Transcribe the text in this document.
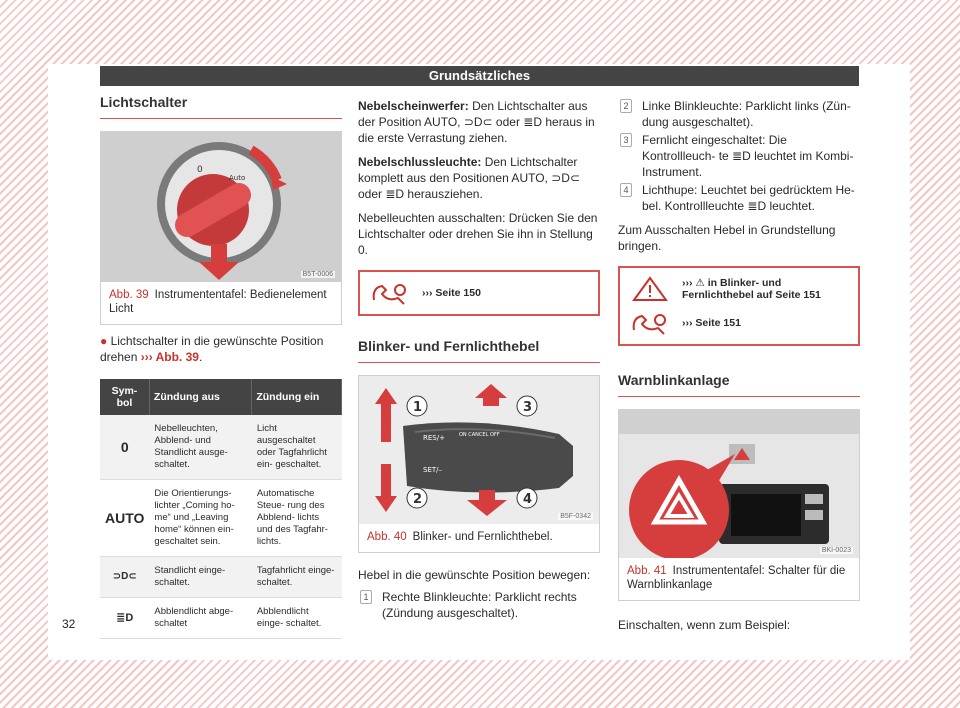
Grundsätzliches
Lichtschalter
0
Auto
B5T-0006
Abb. 39 Instrumententafel: Bedienelement Licht

● Lichtschalter in die gewünschte Position drehen ››› Abb. 39.

Sym- bol	Zündung aus	Zündung ein
0	Nebelleuchten, Abblend- und Standlicht ausge- schaltet.	Licht ausgeschaltet oder Tagfahrlicht ein- geschaltet.
AUTO	Die Orientierungs- lichter „Coming ho- me“ und „Leaving home“ können ein- geschaltet sein.	Automatische Steue- rung des Abblend- lichts und des Tagfahr- lichts.
⊃D⊂	Standlicht einge- schaltet.	Tagfahrlicht einge- schaltet.
≣D	Abblendlicht abge- schaltet	Abblendlicht einge- schaltet.

Nebelscheinwerfer: Den Lichtschalter aus der Position AUTO, ⊃D⊂ oder ≣D heraus in die erste Verrastung ziehen.

Nebelschlussleuchte: Den Lichtschalter komplett aus den Positionen AUTO, ⊃D⊂ oder ≣D herausziehen.

Nebelleuchten ausschalten: Drücken Sie den Lichtschalter oder drehen Sie ihn in Stellung 0.

››› Seite 150
Blinker- und Fernlichthebel
RES/+	ON CANCEL OFF
SET/–
1
2
3
4
B5F-0342
Abb. 40 Blinker- und Fernlichthebel.

Hebel in die gewünschte Position bewegen:

1	Rechte Blinkleuchte: Parklicht rechts (Zündung ausgeschaltet).
2	Linke Blinkleuchte: Parklicht links (Zün- dung ausgeschaltet).
3	Fernlicht eingeschaltet: Die Kontrollleuch- te ≣D leuchtet im Kombi-Instrument.
4	Lichthupe: Leuchtet bei gedrücktem He- bel. Kontrollleuchte ≣D leuchtet.

Zum Ausschalten Hebel in Grundstellung bringen.

››› ⚠ in Blinker- und Fernlichthebel auf Seite 151
››› Seite 151
Warnblinkanlage
BKI-0023
Abb. 41 Instrumententafel: Schalter für die Warnblinkanlage

Einschalten, wenn zum Beispiel:

32
